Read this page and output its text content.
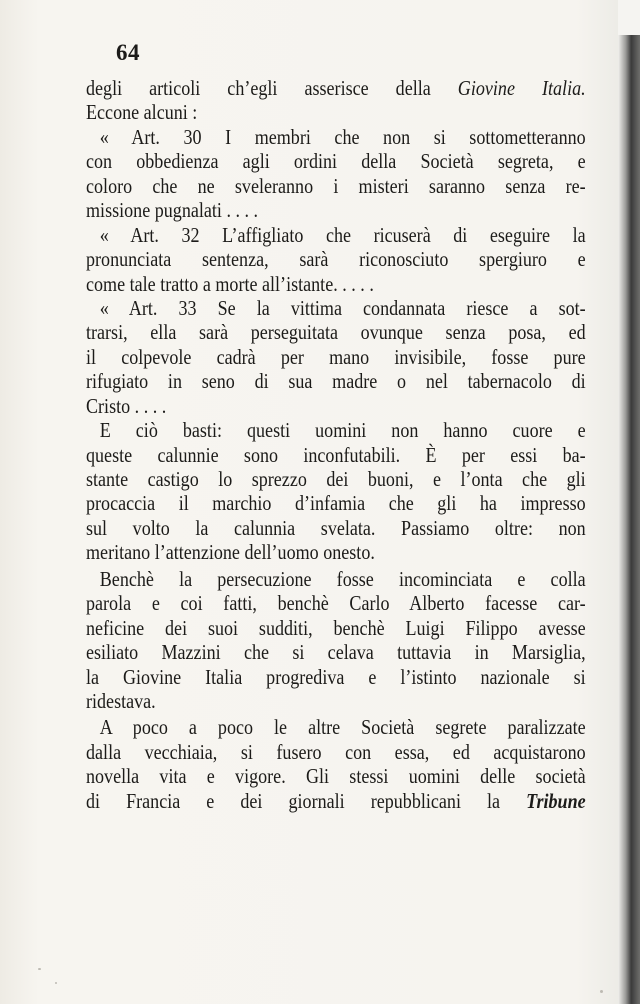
64
degli articoli ch’egli asserisce della Giovine Italia.
Eccone alcuni :
« Art. 30 I membri che non si sottometteranno
con obbedienza agli ordini della Società segreta, e
coloro che ne sveleranno i misteri saranno senza re-
missione pugnalati . . . .
« Art. 32 L’affigliato che ricuserà di eseguire la
pronunciata sentenza, sarà riconosciuto spergiuro e
come tale tratto a morte all’istante. . . . .
« Art. 33 Se la vittima condannata riesce a sot-
trarsi, ella sarà perseguitata ovunque senza posa, ed
il colpevole cadrà per mano invisibile, fosse pure
rifugiato in seno di sua madre o nel tabernacolo di
Cristo . . . .
E ciò basti: questi uomini non hanno cuore e
queste calunnie sono inconfutabili. È per essi ba-
stante castigo lo sprezzo dei buoni, e l’onta che gli
procaccia il marchio d’infamia che gli ha impresso
sul volto la calunnia svelata. Passiamo oltre: non
meritano l’attenzione dell’uomo onesto.
Benchè la persecuzione fosse incominciata e colla
parola e coi fatti, benchè Carlo Alberto facesse car-
neficine dei suoi sudditi, benchè Luigi Filippo avesse
esiliato Mazzini che si celava tuttavia in Marsiglia,
la Giovine Italia progrediva e l’istinto nazionale si
ridestava.
A poco a poco le altre Società segrete paralizzate
dalla vecchiaia, si fusero con essa, ed acquistarono
novella vita e vigore. Gli stessi uomini delle società
di Francia e dei giornali repubblicani la Tribune
